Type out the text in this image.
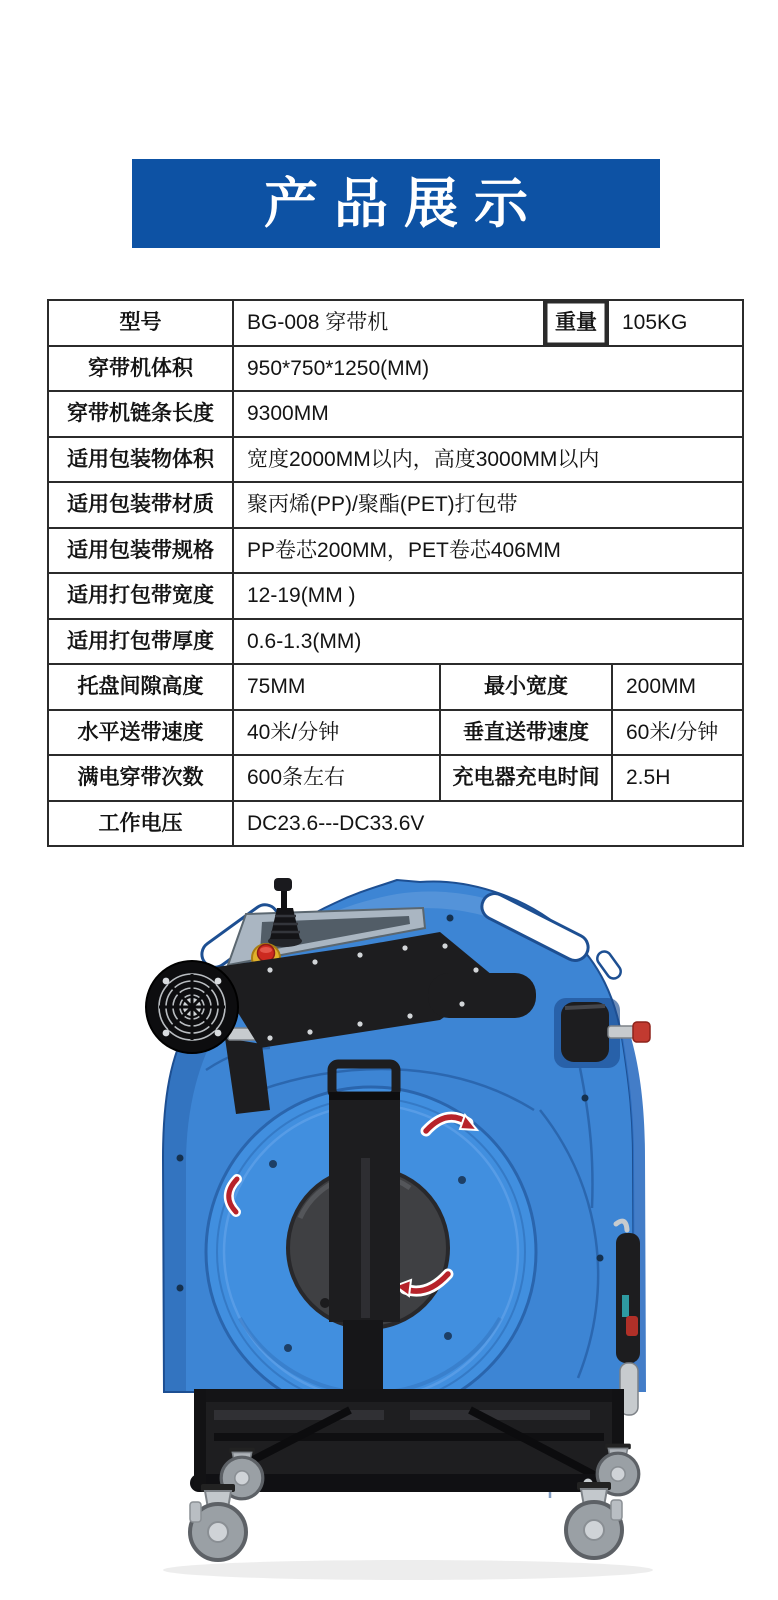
产品展示
型号	BG-008 穿带机	重量	105KG
穿带机体积	950*750*1250(MM)
穿带机链条长度	9300MM
适用包装物体积	宽度2000MM以内，高度3000MM以内
适用包装带材质	聚丙烯(PP)/聚酯(PET)打包带
适用包装带规格	PP卷芯200MM，PET卷芯406MM
适用打包带宽度	12-19(MM )
适用打包带厚度	0.6-1.3(MM)
托盘间隙高度	75MM	最小宽度	200MM
水平送带速度	40米/分钟	垂直送带速度	60米/分钟
满电穿带次数	600条左右	充电器充电时间	2.5H
工作电压	DC23.6---DC33.6V
